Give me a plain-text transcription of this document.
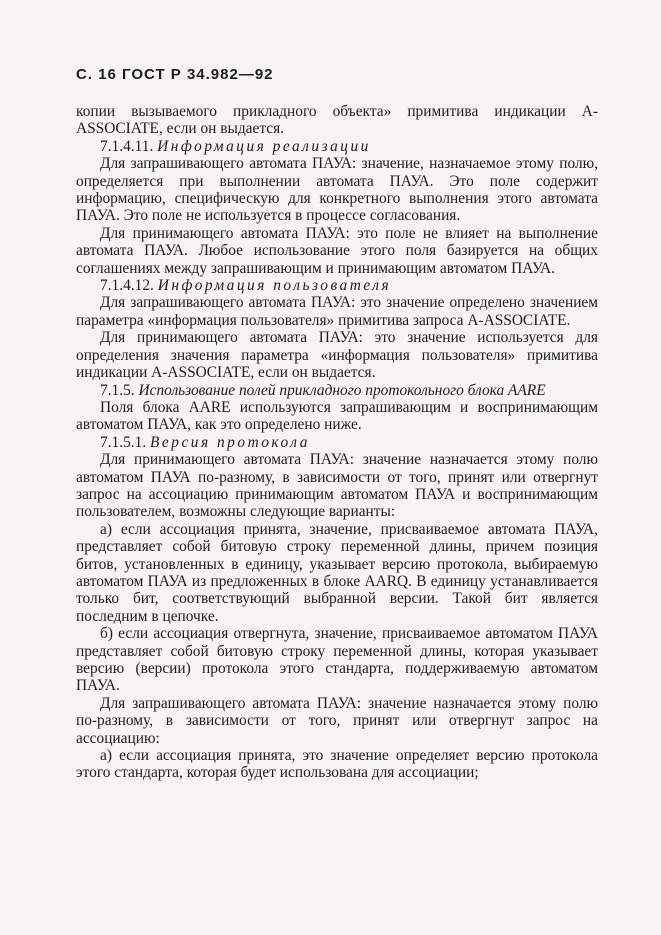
С. 16 ГОСТ Р 34.982—92

копии вызываемого прикладного объекта» примитива индикации A-ASSOCIATE, если он выдается.

7.1.4.11. Информация реализации

Для запрашивающего автомата ПАУА: значение, назначаемое этому полю, определяется при выполнении автомата ПАУА. Это поле содержит информацию, специфическую для конкретного выполнения этого автомата ПАУА. Это поле не используется в процессе согласования.

Для принимающего автомата ПАУА: это поле не влияет на выполнение автомата ПАУА. Любое использование этого поля базируется на общих соглашениях между запрашивающим и принимающим автоматом ПАУА.

7.1.4.12. Информация пользователя

Для запрашивающего автомата ПАУА: это значение определено значением параметра «информация пользователя» примитива запроса A-ASSOCIATE.

Для принимающего автомата ПАУА: это значение используется для определения значения параметра «информация пользователя» примитива индикации A-ASSOCIATE, если он выдается.

7.1.5. Использование полей прикладного протокольного блока AARE

Поля блока AARE используются запрашивающим и воспринимающим автоматом ПАУА, как это определено ниже.

7.1.5.1. Версия протокола

Для принимающего автомата ПАУА: значение назначается этому полю автоматом ПАУА по-разному, в зависимости от того, принят или отвергнут запрос на ассоциацию принимающим автоматом ПАУА и воспринимающим пользователем, возможны следующие варианты:

а) если ассоциация принята, значение, присваиваемое автомата ПАУА, представляет собой битовую строку переменной длины, причем позиция битов, установленных в единицу, указывает версию протокола, выбираемую автоматом ПАУА из предложенных в блоке AARQ. В единицу устанавливается только бит, соответствующий выбранной версии. Такой бит является последним в цепочке.

б) если ассоциация отвергнута, значение, присваиваемое автоматом ПАУА представляет собой битовую строку переменной длины, которая указывает версию (версии) протокола этого стандарта, поддерживаемую автоматом ПАУА.

Для запрашивающего автомата ПАУА: значение назначается этому полю по-разному, в зависимости от того, принят или отвергнут запрос на ассоциацию:

а) если ассоциация принята, это значение определяет версию протокола этого стандарта, которая будет использована для ассоциации;
